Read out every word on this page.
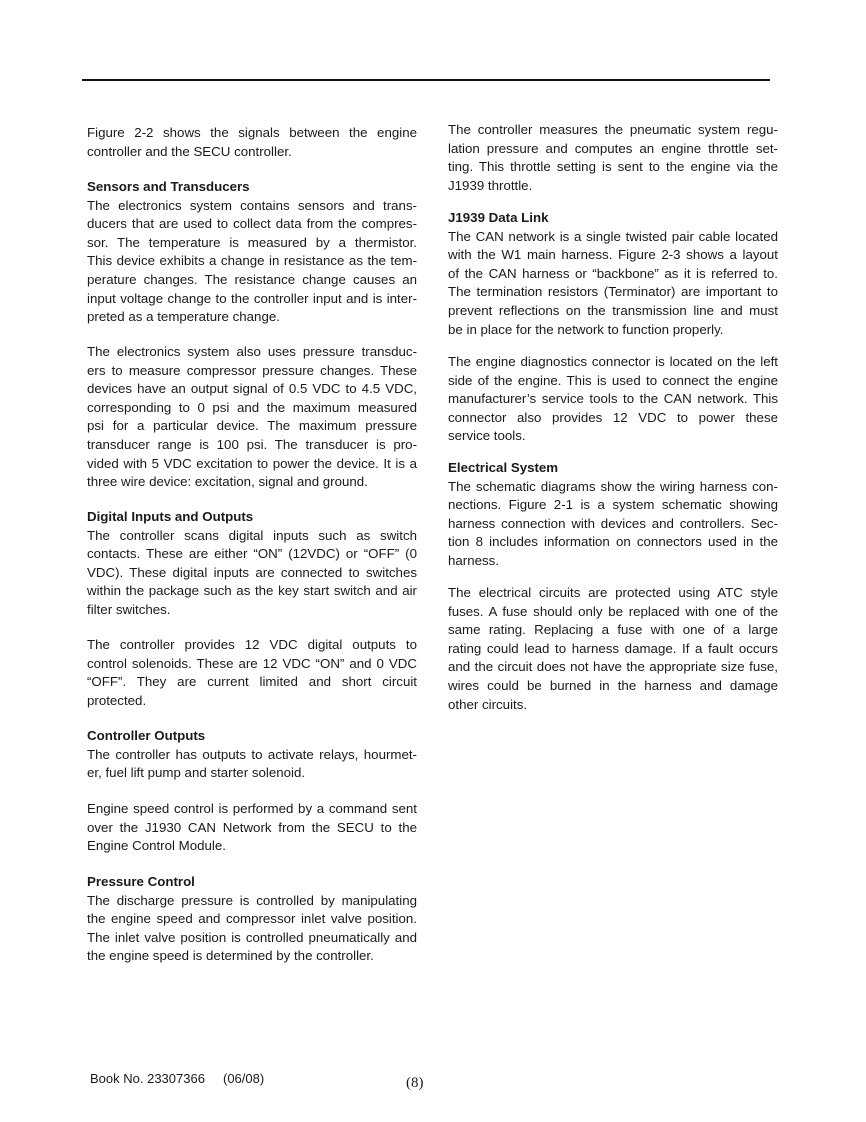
Figure 2-2 shows the signals between the engine
controller and the SECU controller.
Sensors and Transducers
The electronics system contains sensors and trans-
ducers that are used to collect data from the compres-
sor. The temperature is measured by a thermistor.
This device exhibits a change in resistance as the tem-
perature changes. The resistance change causes an
input voltage change to the controller input and is inter-
preted as a temperature change.
The electronics system also uses pressure transduc-
ers to measure compressor pressure changes. These
devices have an output signal of 0.5 VDC to 4.5 VDC,
corresponding to 0 psi and the maximum measured
psi for a particular device. The maximum pressure
transducer range is 100 psi. The transducer is pro-
vided with 5 VDC excitation to power the device. It is a
three wire device: excitation, signal and ground.
Digital Inputs and Outputs
The controller scans digital inputs such as switch
contacts. These are either “ON” (12VDC) or “OFF” (0
VDC). These digital inputs are connected to switches
within the package such as the key start switch and air
filter switches.
The controller provides 12 VDC digital outputs to
control solenoids. These are 12 VDC “ON” and 0 VDC
“OFF”. They are current limited and short circuit
protected.
Controller Outputs
The controller has outputs to activate relays, hourmet-
er, fuel lift pump and starter solenoid.
Engine speed control is performed by a command sent
over the J1930 CAN Network from the SECU to the
Engine Control Module.
Pressure Control
The discharge pressure is controlled by manipulating
the engine speed and compressor inlet valve position.
The inlet valve position is controlled pneumatically and
the engine speed is determined by the controller.
The controller measures the pneumatic system regu-
lation pressure and computes an engine throttle set-
ting. This throttle setting is sent to the engine via the
J1939 throttle.
J1939 Data Link
The CAN network is a single twisted pair cable located
with the W1 main harness. Figure 2-3 shows a layout
of the CAN harness or “backbone” as it is referred to.
The termination resistors (Terminator) are important to
prevent reflections on the transmission line and must
be in place for the network to function properly.
The engine diagnostics connector is located on the left
side of the engine. This is used to connect the engine
manufacturer’s service tools to the CAN network. This
connector also provides 12 VDC to power these
service tools.
Electrical System
The schematic diagrams show the wiring harness con-
nections. Figure 2-1 is a system schematic showing
harness connection with devices and controllers. Sec-
tion 8 includes information on connectors used in the
harness.
The electrical circuits are protected using ATC style
fuses. A fuse should only be replaced with one of the
same rating. Replacing a fuse with one of a large
rating could lead to harness damage. If a fault occurs
and the circuit does not have the appropriate size fuse,
wires could be burned in the harness and damage
other circuits.
Book No. 23307366     (06/08)	(8)
